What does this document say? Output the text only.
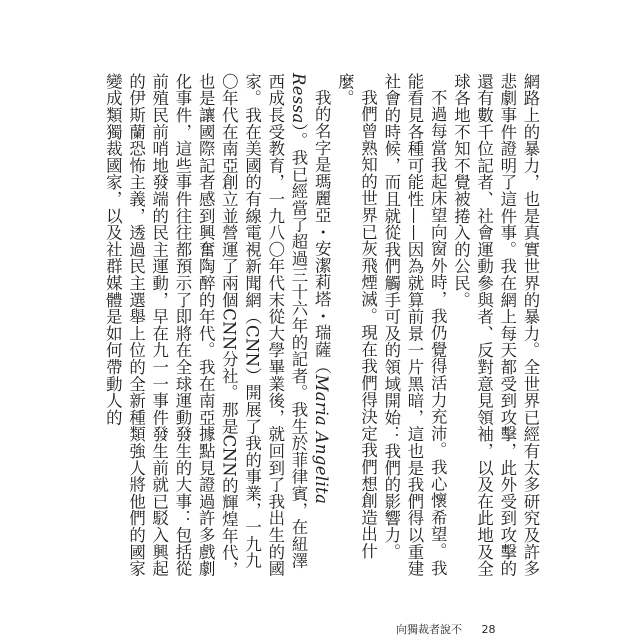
網路上的暴力，也是真實世界的暴力。全世界已經有太多研究及許多悲劇事件證明了這件事。我在網上每天都受到攻擊，此外受到攻擊的還有數千位記者、社會運動參與者、反對意見領袖，以及在此地及全球各地不知不覺被捲入的公民。

不過每當我起床望向窗外時，我仍覺得活力充沛。我心懷希望。我能看見各種可能性——因為就算前景一片黑暗，這也是我們得以重建社會的時候，而且就從我們觸手可及的領域開始：我們的影響力。

我們曾熟知的世界已灰飛煙滅。現在我們得決定我們想創造出什麼。

我的名字是瑪麗亞・安潔莉塔・瑞薩（Maria Angelita Ressa）。我已經當了超過三十六年的記者。我生於菲律賓，在紐澤西成長受教育，一九八〇年代末從大學畢業後，就回到了我出生的國家。我在美國的有線電視新聞網（CNN）開展了我的事業，一九九〇年代在南亞創立並營運了兩個CNN分社。那是CNN的輝煌年代，也是讓國際記者感到興奮陶醉的年代。我在南亞據點見證過許多戲劇化事件，這些事件往往都預示了即將在全球運動發生的大事：包括從前殖民前哨地發端的民主運動，早在九一一事件發生前就已駁入興起的伊斯蘭恐怖主義，透過民主選舉上位的全新種類強人將他們的國家變成類獨裁國家，以及社群媒體是如何帶動人的

向獨裁者說不 28
